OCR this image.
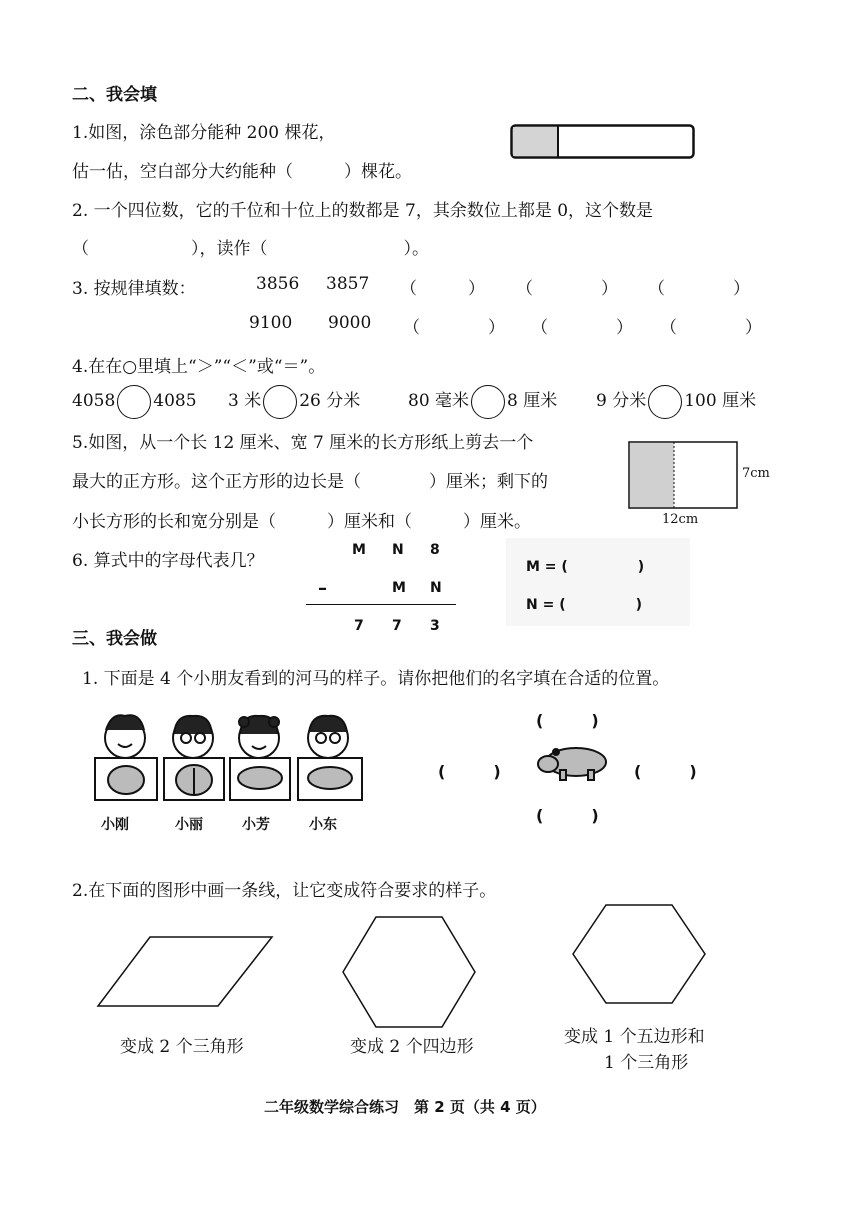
二、我会填
1.如图，涂色部分能种 200 棵花，
估一估，空白部分大约能种（　　　）棵花。
2. 一个四位数，它的千位和十位上的数都是 7，其余数位上都是 0，这个数是
（　　　　　　），读作（　　　　　　　　）。
3. 按规律填数：	3856 3857 （　　　） （　　　　） （　　　　）
9100 9000 （　　　　） （　　　　） （　　　　）
4.在在○里填上“＞”“＜”或“＝”。
4058 4085 3 米 26 分米	80 毫米 8 厘米 9 分米 100 厘米
5.如图，从一个长 12 厘米、宽 7 厘米的长方形纸上剪去一个
最大的正方形。这个正方形的边长是（　　　　）厘米；剩下的
小长方形的长和宽分别是（　　　）厘米和（　　　）厘米。
7cm
12cm
6. 算式中的字母代表几？
M N 8
–	M N
7 7 3
M = (　　　　　)
N = (　　　　　)
三、我会做
1. 下面是 4 个小朋友看到的河马的样子。请你把他们的名字填在合适的位置。
小刚	小丽	小芳	小东
(　　　)
(　　　)	(　　　)
(　　　)
2.在下面的图形中画一条线，让它变成符合要求的样子。
变成 2 个三角形	变成 2 个四边形	变成 1 个五边形和
1 个三角形
二年级数学综合练习　第 2 页（共 4 页）
